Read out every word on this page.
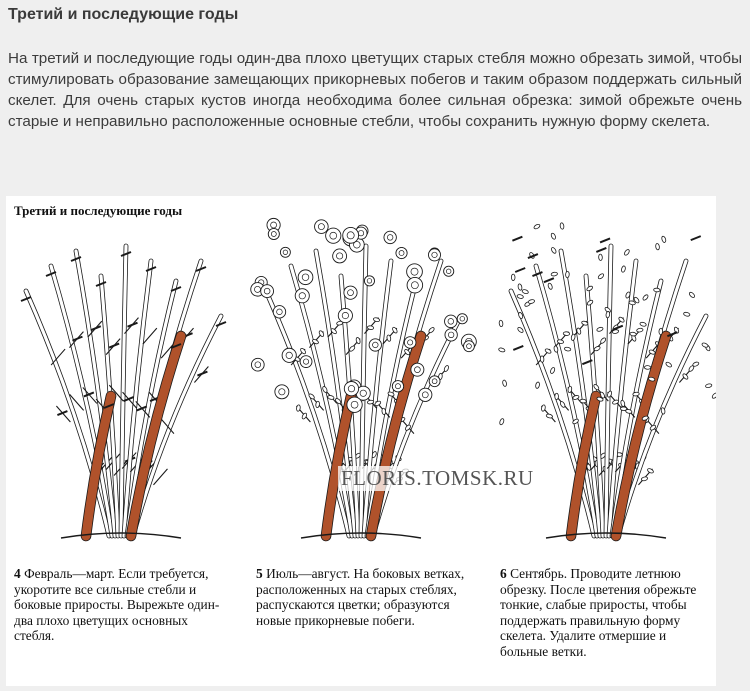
Третий и последующие годы

На третий и последующие годы один-два плохо цветущих старых стебля можно обрезать зимой, чтобы стимулировать образование замещающих прикорневых побегов и таким образом поддержать сильный скелет. Для очень старых кустов иногда необходима более сильная обрезка: зимой обрежьте очень старые и неправильно расположенные основные стебли, чтобы сохранить нужную форму скелета.

Третий и последующие годы
FLORIS.TOMSK.RU

4 Февраль—март. Если требуется, укоротите все сильные стебли и боковые приросты. Вырежьте один-два плохо цветущих основных стебля.

5 Июль—август. На боковых ветках, расположенных на старых стеблях, распускаются цветки; образуются новые прикорневые побеги.

6 Сентябрь. Проводите летнюю обрезку. После цветения обрежьте тонкие, слабые приросты, чтобы поддержать правильную форму скелета. Удалите отмершие и больные ветки.
